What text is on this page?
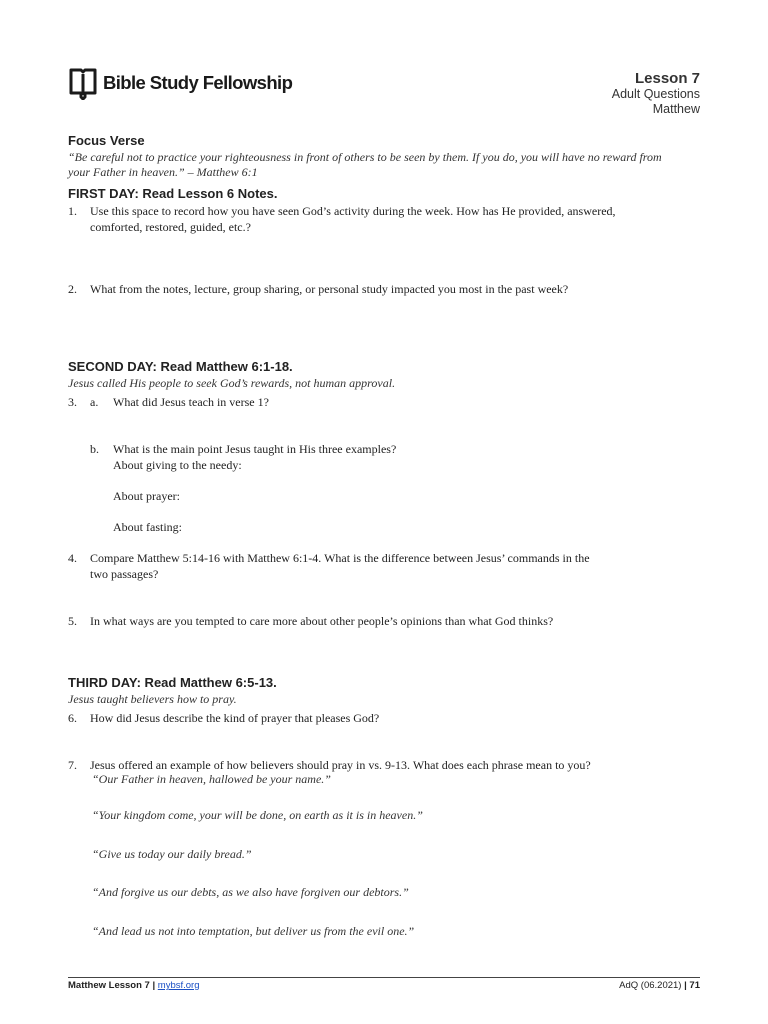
Bible Study Fellowship	Lesson 7
Adult Questions
Matthew
Focus Verse
“Be careful not to practice your righteousness in front of others to be seen by them. If you do, you will have no reward from
your Father in heaven.” – Matthew 6:1
FIRST DAY: Read Lesson 6 Notes.
1. Use this space to record how you have seen God’s activity during the week. How has He provided, answered,
comforted, restored, guided, etc.?
2. What from the notes, lecture, group sharing, or personal study impacted you most in the past week?
SECOND DAY: Read Matthew 6:1-18.
Jesus called His people to seek God’s rewards, not human approval.
3. a. What did Jesus teach in verse 1?
b. What is the main point Jesus taught in His three examples?
About giving to the needy:
About prayer:
About fasting:
4. Compare Matthew 5:14-16 with Matthew 6:1-4. What is the difference between Jesus’ commands in the
two passages?
5. In what ways are you tempted to care more about other people’s opinions than what God thinks?
THIRD DAY: Read Matthew 6:5-13.
Jesus taught believers how to pray.
6. How did Jesus describe the kind of prayer that pleases God?
7. Jesus offered an example of how believers should pray in vs. 9-13. What does each phrase mean to you?
“Our Father in heaven, hallowed be your name.”
“Your kingdom come, your will be done, on earth as it is in heaven.”
“Give us today our daily bread.”
“And forgive us our debts, as we also have forgiven our debtors.”
“And lead us not into temptation, but deliver us from the evil one.”
Matthew Lesson 7 | mybsf.org	AdQ (06.2021) | 71
